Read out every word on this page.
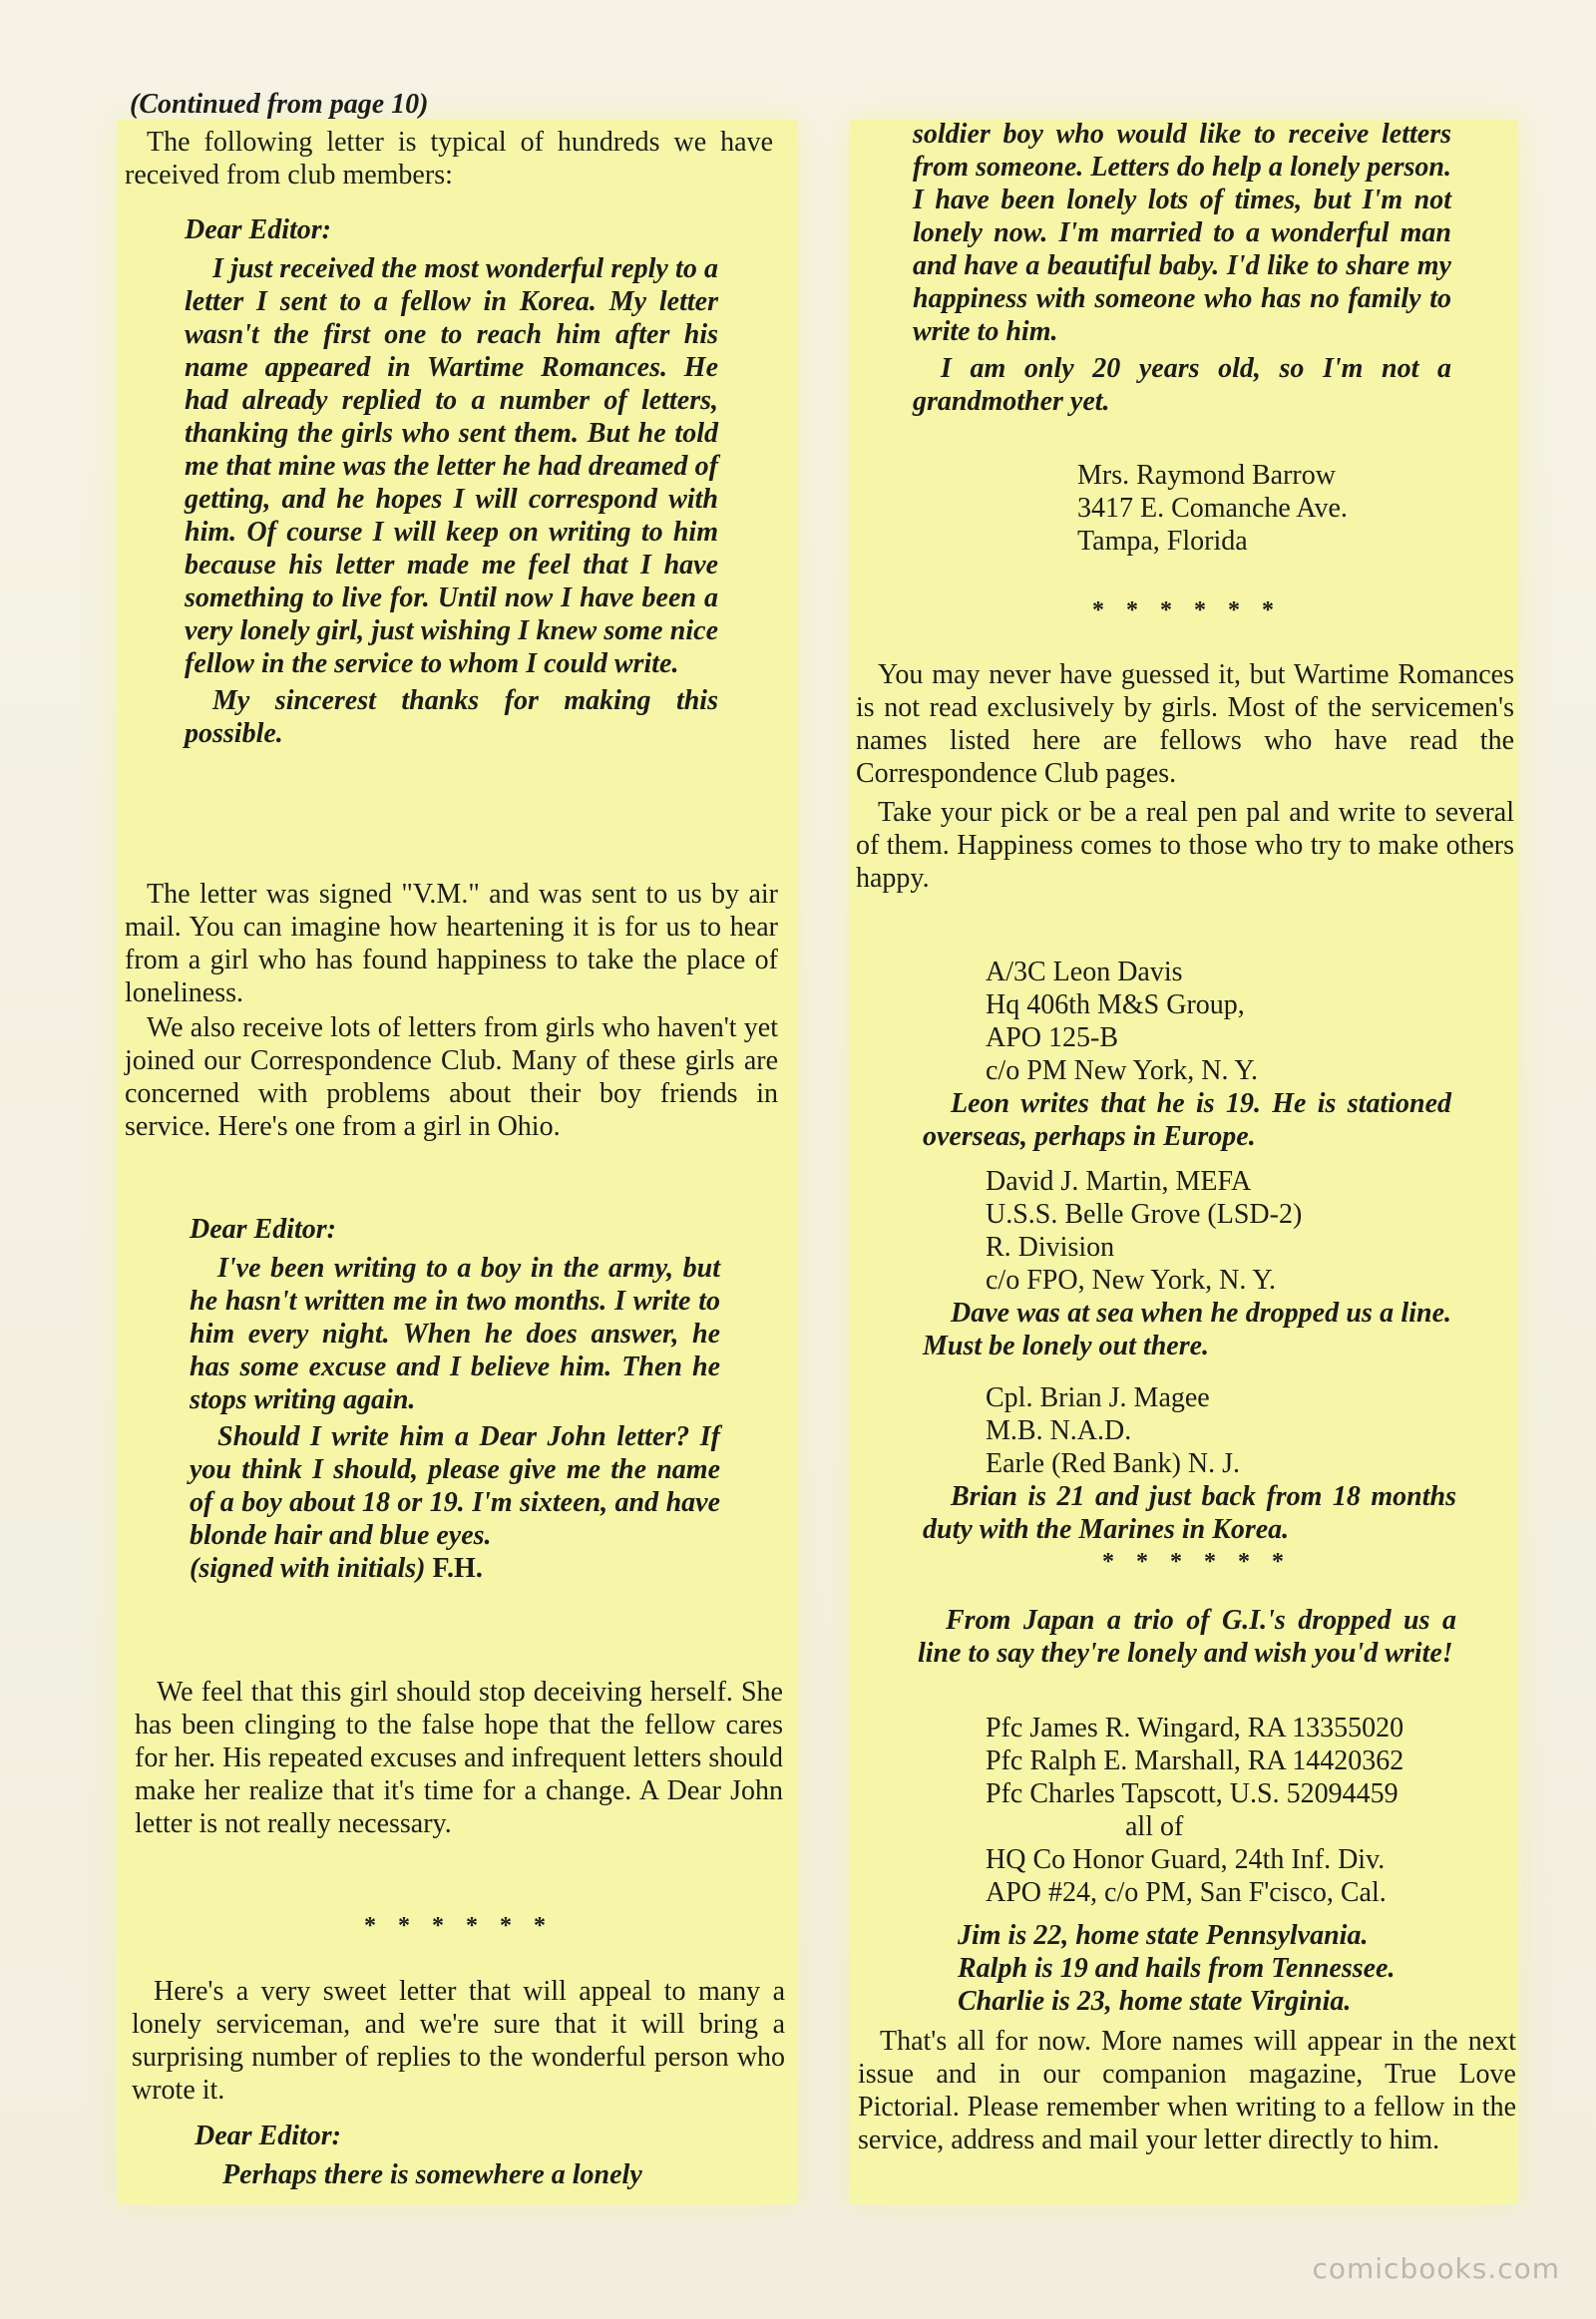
(Continued from page 10)

The following letter is typical of hundreds we have received from club members:

Dear Editor:

I just received the most wonderful reply to a letter I sent to a fellow in Korea. My letter wasn't the first one to reach him after his name appeared in Wartime Romances. He had already replied to a number of letters, thanking the girls who sent them. But he told me that mine was the letter he had dreamed of getting, and he hopes I will correspond with him. Of course I will keep on writing to him because his letter made me feel that I have something to live for. Until now I have been a very lonely girl, just wishing I knew some nice fellow in the service to whom I could write.

My sincerest thanks for making this possible.

The letter was signed "V.M." and was sent to us by air mail. You can imagine how heartening it is for us to hear from a girl who has found happiness to take the place of loneliness.

We also receive lots of letters from girls who haven't yet joined our Correspondence Club. Many of these girls are concerned with problems about their boy friends in service. Here's one from a girl in Ohio.

Dear Editor:

I've been writing to a boy in the army, but he hasn't written me in two months. I write to him every night. When he does answer, he has some excuse and I believe him. Then he stops writing again.

Should I write him a Dear John letter? If you think I should, please give me the name of a boy about 18 or 19. I'm sixteen, and have blonde hair and blue eyes.

(signed with initials) F.H.

We feel that this girl should stop deceiving herself. She has been clinging to the false hope that the fellow cares for her. His repeated excuses and infrequent letters should make her realize that it's time for a change. A Dear John letter is not really necessary.

* * * * * *

Here's a very sweet letter that will appeal to many a lonely serviceman, and we're sure that it will bring a surprising number of replies to the wonderful person who wrote it.

Dear Editor:

Perhaps there is somewhere a lonely

soldier boy who would like to receive letters from someone. Letters do help a lonely person. I have been lonely lots of times, but I'm not lonely now. I'm married to a wonderful man and have a beautiful baby. I'd like to share my happiness with someone who has no family to write to him.

I am only 20 years old, so I'm not a grandmother yet.

Mrs. Raymond Barrow

3417 E. Comanche Ave.

Tampa, Florida

* * * * * *

You may never have guessed it, but Wartime Romances is not read exclusively by girls. Most of the servicemen's names listed here are fellows who have read the Correspondence Club pages.

Take your pick or be a real pen pal and write to several of them. Happiness comes to those who try to make others happy.

A/3C Leon Davis

Hq 406th M&S Group,

APO 125-B

c/o PM New York, N. Y.

Leon writes that he is 19. He is stationed overseas, perhaps in Europe.

David J. Martin, MEFA

U.S.S. Belle Grove (LSD-2)

R. Division

c/o FPO, New York, N. Y.

Dave was at sea when he dropped us a line. Must be lonely out there.

Cpl. Brian J. Magee

M.B. N.A.D.

Earle (Red Bank) N. J.

Brian is 21 and just back from 18 months duty with the Marines in Korea.

* * * * * *

From Japan a trio of G.I.'s dropped us a line to say they're lonely and wish you'd write!

Pfc James R. Wingard, RA 13355020

Pfc Ralph E. Marshall, RA 14420362

Pfc Charles Tapscott, U.S. 52094459

all of

HQ Co Honor Guard, 24th Inf. Div.

APO #24, c/o PM, San F'cisco, Cal.

Jim is 22, home state Pennsylvania.

Ralph is 19 and hails from Tennessee.

Charlie is 23, home state Virginia.

That's all for now. More names will appear in the next issue and in our companion magazine, True Love Pictorial. Please remember when writing to a fellow in the service, address and mail your letter directly to him.

comicbooks.com
